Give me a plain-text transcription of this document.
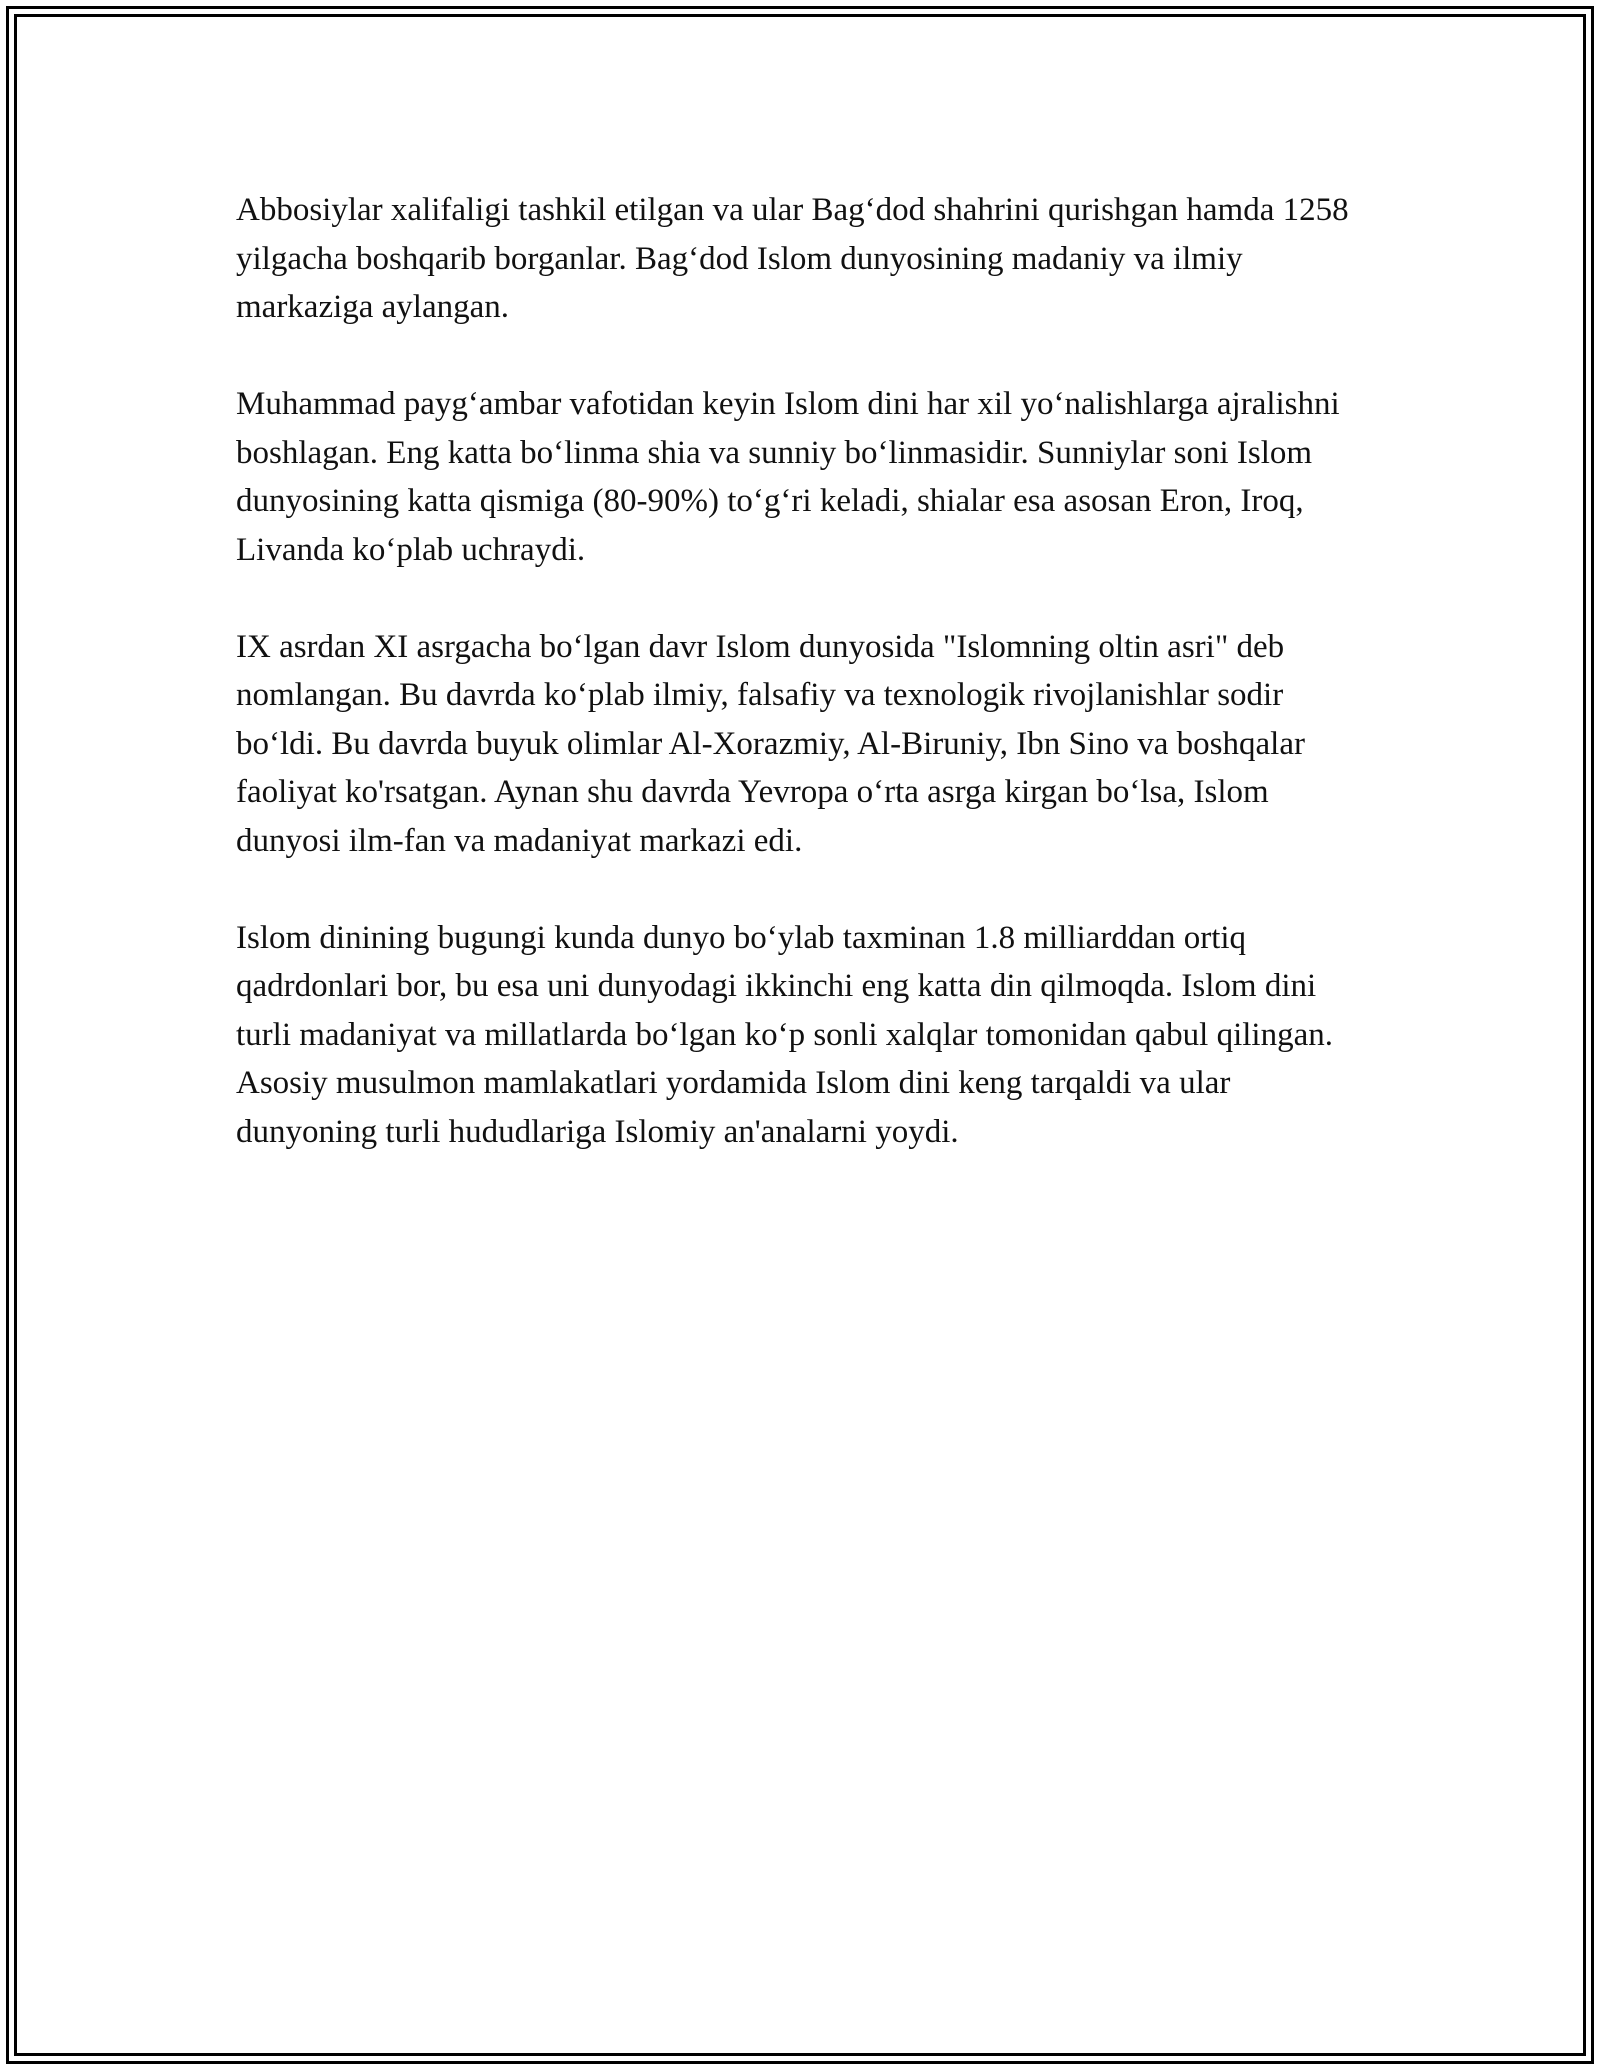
Abbosiylar xalifaligi tashkil etilgan va ular Bag‘dod shahrini qurishgan hamda 1258 yilgacha boshqarib borganlar. Bag‘dod Islom dunyosining madaniy va ilmiy markaziga aylangan.

Muhammad payg‘ambar vafotidan keyin Islom dini har xil yo‘nalishlarga ajralishni boshlagan. Eng katta bo‘linma shia va sunniy bo‘linmasidir. Sunniylar soni Islom dunyosining katta qismiga (80-90%) to‘g‘ri keladi, shialar esa asosan Eron, Iroq, Livanda ko‘plab uchraydi.

IX asrdan XI asrgacha bo‘lgan davr Islom dunyosida "Islomning oltin asri" deb nomlangan. Bu davrda ko‘plab ilmiy, falsafiy va texnologik rivojlanishlar sodir bo‘ldi. Bu davrda buyuk olimlar Al-Xorazmiy, Al-Biruniy, Ibn Sino va boshqalar faoliyat ko'rsatgan. Aynan shu davrda Yevropa o‘rta asrga kirgan bo‘lsa, Islom dunyosi ilm-fan va madaniyat markazi edi.

Islom dinining bugungi kunda dunyo bo‘ylab taxminan 1.8 milliarddan ortiq qadrdonlari bor, bu esa uni dunyodagi ikkinchi eng katta din qilmoqda. Islom dini turli madaniyat va millatlarda bo‘lgan ko‘p sonli xalqlar tomonidan qabul qilingan. Asosiy musulmon mamlakatlari yordamida Islom dini keng tarqaldi va ular dunyoning turli hududlariga Islomiy an'analarni yoydi.
